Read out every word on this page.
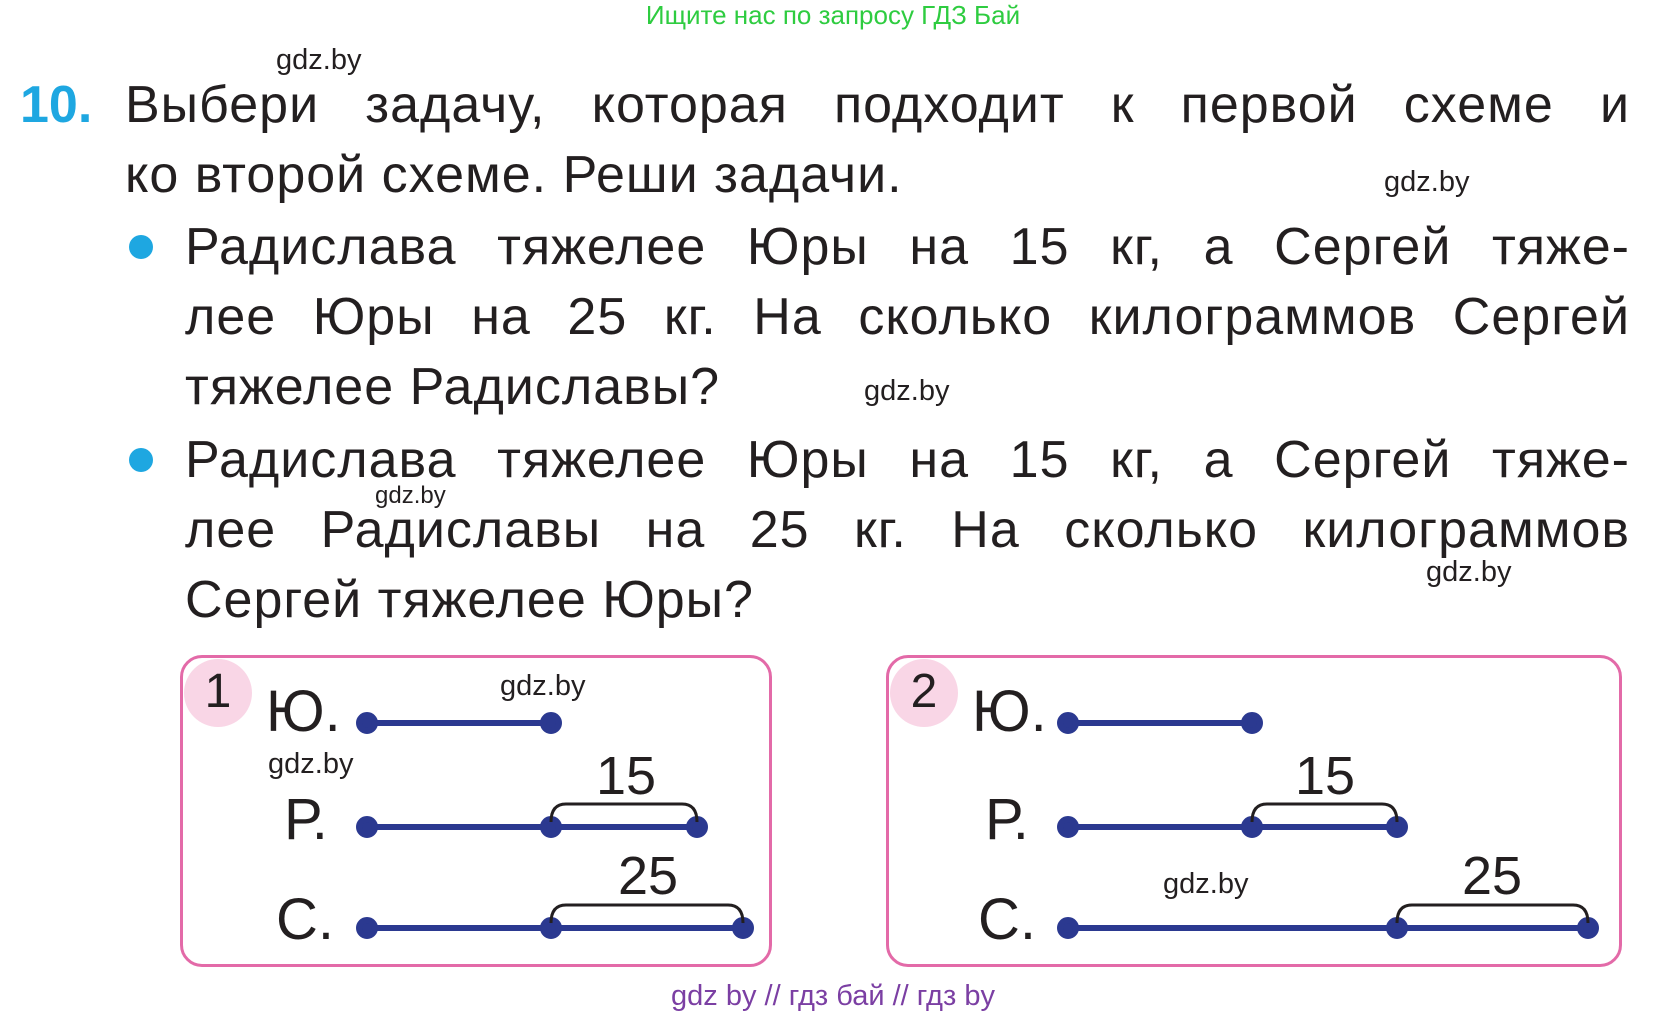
Ищите нас по запросу ГДЗ Бай
gdz.by
gdz.by
gdz.by
gdz.by
gdz.by
gdz.by
gdz.by
gdz.by
10. Выбери задачу, которая подходит к первой схеме и
ко второй схеме. Реши задачи.
Радислава тяжелее Юры на 15 кг, а Сергей тяже-
лее Юры на 25 кг. На сколько килограммов Сергей
тяжелее Радиславы?
Радислава тяжелее Юры на 15 кг, а Сергей тяже-
лее Радиславы на 25 кг. На сколько килограммов
Сергей тяжелее Юры?
1 Ю.
Р.
С.
15
25
2 Ю.
Р.
С.
15
25
gdz by // гдз бай // гдз by
